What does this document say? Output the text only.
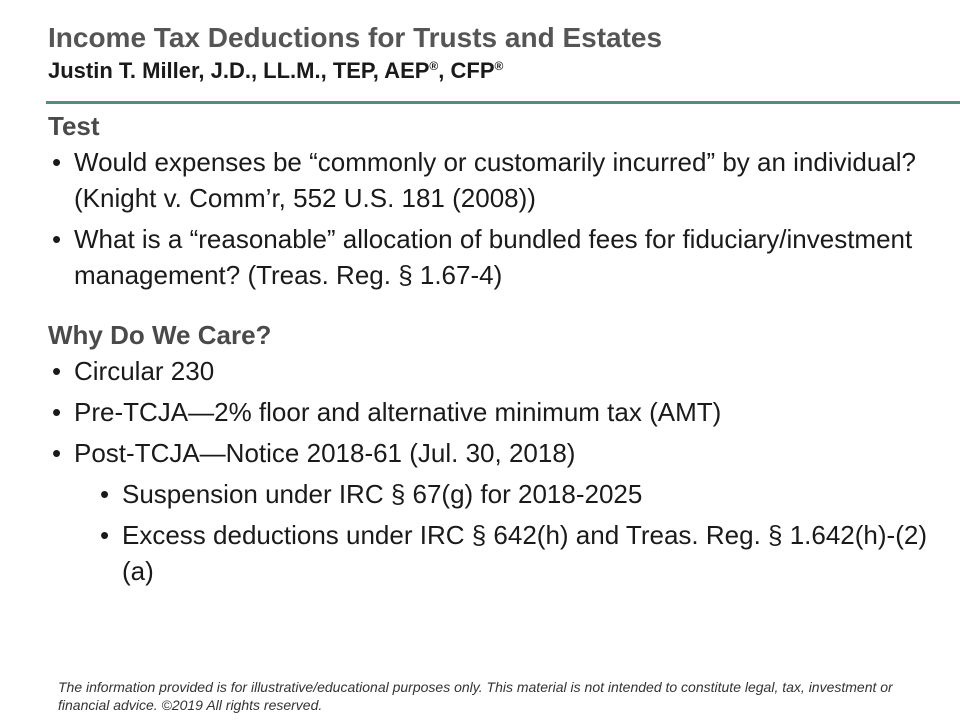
Income Tax Deductions for Trusts and Estates
Justin T. Miller, J.D., LL.M., TEP, AEP®, CFP®
Test
• Would expenses be “commonly or customarily incurred” by an individual? (Knight v. Comm’r, 552 U.S. 181 (2008))
• What is a “reasonable” allocation of bundled fees for fiduciary/investment management? (Treas. Reg. § 1.67-4)
Why Do We Care?
• Circular 230
• Pre-TCJA—2% floor and alternative minimum tax (AMT)
• Post-TCJA—Notice 2018-61 (Jul. 30, 2018)
• Suspension under IRC § 67(g) for 2018-2025
• Excess deductions under IRC § 642(h) and Treas. Reg. § 1.642(h)-(2)(a)

The information provided is for illustrative/educational purposes only. This material is not intended to constitute legal, tax, investment or financial advice. ©2019 All rights reserved.
